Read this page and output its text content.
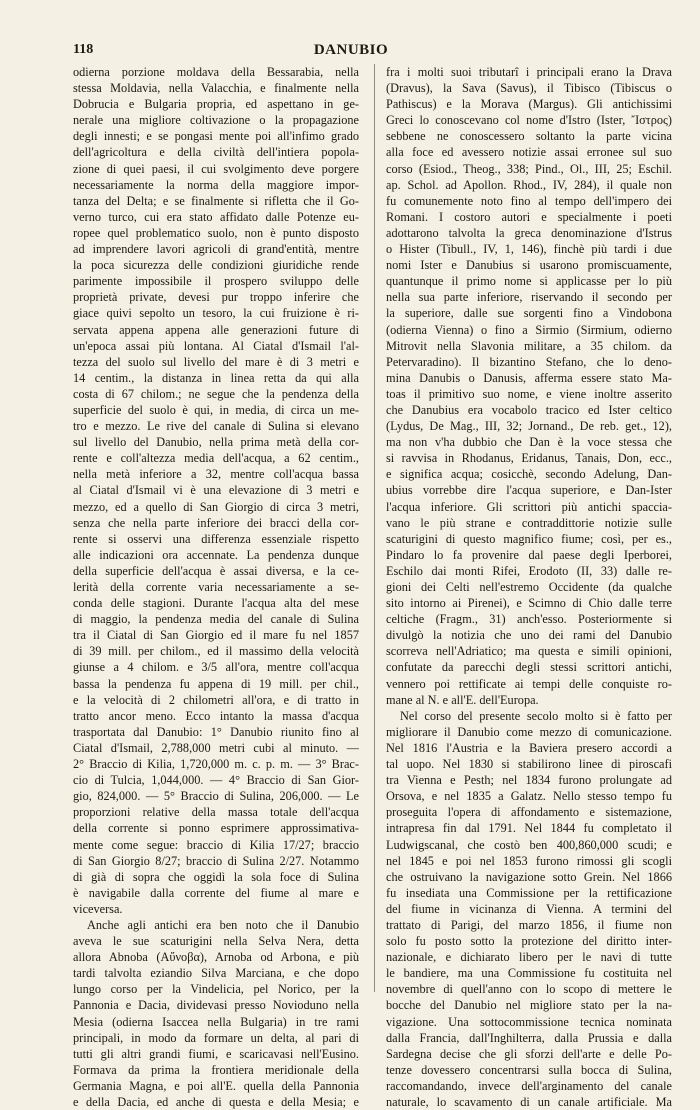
118	DANUBIO
odierna porzione moldava della Bessarabia, nella
stessa Moldavia, nella Valacchia, e finalmente nella
Dobrucia e Bulgaria propria, ed aspettano in ge-
nerale una migliore coltivazione o la propagazione
degli innesti; e se pongasi mente poi all'infimo grado
dell'agricoltura e della civiltà dell'intiera popola-
zione di quei paesi, il cui svolgimento deve porgere
necessariamente la norma della maggiore impor-
tanza del Delta; e se finalmente si rifletta che il Go-
verno turco, cui era stato affidato dalle Potenze eu-
ropee quel problematico suolo, non è punto disposto
ad imprendere lavori agricoli di grand'entità, mentre
la poca sicurezza delle condizioni giuridiche rende
parimente impossibile il prospero sviluppo delle
proprietà private, devesi pur troppo inferire che
giace quivi sepolto un tesoro, la cui fruizione è ri-
servata appena appena alle generazioni future di
un'epoca assai più lontana. Al Ciatal d'Ismail l'al-
tezza del suolo sul livello del mare è di 3 metri e
14 centim., la distanza in linea retta da qui alla
costa di 67 chilom.; ne segue che la pendenza della
superficie del suolo è qui, in media, di circa un me-
tro e mezzo. Le rive del canale di Sulina si elevano
sul livello del Danubio, nella prima metà della cor-
rente e coll'altezza media dell'acqua, a 62 centim.,
nella metà inferiore a 32, mentre coll'acqua bassa
al Ciatal d'Ismail vi è una elevazione di 3 metri e
mezzo, ed a quello di San Giorgio di circa 3 metri,
senza che nella parte inferiore dei bracci della cor-
rente si osservi una differenza essenziale rispetto
alle indicazioni ora accennate. La pendenza dunque
della superficie dell'acqua è assai diversa, e la ce-
lerità della corrente varia necessariamente a se-
conda delle stagioni. Durante l'acqua alta del mese
di maggio, la pendenza media del canale di Sulina
tra il Ciatal di San Giorgio ed il mare fu nel 1857
di 39 mill. per chilom., ed il massimo della velocità
giunse a 4 chilom. e 3/5 all'ora, mentre coll'acqua
bassa la pendenza fu appena di 19 mill. per chil.,
e la velocità di 2 chilometri all'ora, e di tratto in
tratto ancor meno. Ecco intanto la massa d'acqua
trasportata dal Danubio: 1° Danubio riunito fino al
Ciatal d'Ismail, 2,788,000 metri cubi al minuto. —
2° Braccio di Kilia, 1,720,000 m. c. p. m. — 3° Brac-
cio di Tulcia, 1,044,000. — 4° Braccio di San Gior-
gio, 824,000. — 5° Braccio di Sulina, 206,000. — Le
proporzioni relative della massa totale dell'acqua
della corrente si ponno esprimere approssimativa-
mente come segue: braccio di Kilia 17/27; braccio
di San Giorgio 8/27; braccio di Sulina 2/27. Notammo
di già di sopra che oggidì la sola foce di Sulina
è navigabile dalla corrente del fiume al mare e
viceversa.
Anche agli antichi era ben noto che il Danubio
aveva le sue scaturigini nella Selva Nera, detta
allora Abnoba (Αὔνοβα), Arnoba od Arbona, e più
tardi talvolta eziandio Silva Marciana, e che dopo
lungo corso per la Vindelicia, pel Norico, per la
Pannonia e Dacia, dividevasi presso Novioduno nella
Mesia (odierna Isaccea nella Bulgaria) in tre rami
principali, in modo da formare un delta, al pari di
tutti gli altri grandi fiumi, e scaricavasi nell'Eusino.
Formava da prima la frontiera meridionale della
Germania Magna, e poi all'E. quella della Pannonia
e della Dacia, ed anche di questa e della Mesia; e
fra i molti suoi tributarî i principali erano la Drava
(Dravus), la Sava (Savus), il Tibisco (Tibiscus o
Pathiscus) e la Morava (Margus). Gli antichissimi
Greci lo conoscevano col nome d'Istro (Ister, Ἴστρος)
sebbene ne conoscessero soltanto la parte vicina
alla foce ed avessero notizie assai erronee sul suo
corso (Esiod., Theog., 338; Pind., Ol., III, 25; Eschil.
ap. Schol. ad Apollon. Rhod., IV, 284), il quale non
fu comunemente noto fino al tempo dell'impero dei
Romani. I costoro autori e specialmente i poeti
adottarono talvolta la greca denominazione d'Istrus
o Hister (Tibull., IV, 1, 146), finchè più tardi i due
nomi Ister e Danubius si usarono promiscuamente,
quantunque il primo nome si applicasse per lo più
nella sua parte inferiore, riservando il secondo per
la superiore, dalle sue sorgenti fino a Vindobona
(odierna Vienna) o fino a Sirmio (Sirmium, odierno
Mitrovit nella Slavonia militare, a 35 chilom. da
Petervaradino). Il bizantino Stefano, che lo deno-
mina Danubis o Danusis, afferma essere stato Ma-
toas il primitivo suo nome, e viene inoltre asserito
che Danubius era vocabolo tracico ed Ister celtico
(Lydus, De Mag., III, 32; Jornand., De reb. get., 12),
ma non v'ha dubbio che Dan è la voce stessa che
si ravvisa in Rhodanus, Eridanus, Tanais, Don, ecc.,
e significa acqua; cosicchè, secondo Adelung, Dan-
ubius vorrebbe dire l'acqua superiore, e Dan-Ister
l'acqua inferiore. Gli scrittori più antichi spaccia-
vano le più strane e contraddittorie notizie sulle
scaturigini di questo magnifico fiume; così, per es.,
Pindaro lo fa provenire dal paese degli Iperborei,
Eschilo dai monti Rifei, Erodoto (II, 33) dalle re-
gioni dei Celti nell'estremo Occidente (da qualche
sito intorno ai Pirenei), e Scimno di Chio dalle terre
celtiche (Fragm., 31) anch'esso. Posteriormente si
divulgò la notizia che uno dei rami del Danubio
scorreva nell'Adriatico; ma questa e simili opinioni,
confutate da parecchi degli stessi scrittori antichi,
vennero poi rettificate ai tempi delle conquiste ro-
mane al N. e all'E. dell'Europa.
Nel corso del presente secolo molto si è fatto per
migliorare il Danubio come mezzo di comunicazione.
Nel 1816 l'Austria e la Baviera presero accordi a
tal uopo. Nel 1830 si stabilirono linee di piroscafi
tra Vienna e Pesth; nel 1834 furono prolungate ad
Orsova, e nel 1835 a Galatz. Nello stesso tempo fu
proseguita l'opera di affondamento e sistemazione,
intrapresa fin dal 1791. Nel 1844 fu completato il
Ludwigscanal, che costò ben 400,860,000 scudi; e
nel 1845 e poi nel 1853 furono rimossi gli scogli
che ostruivano la navigazione sotto Grein. Nel 1866
fu insediata una Commissione per la rettificazione
del fiume in vicinanza di Vienna. A termini del
trattato di Parigi, del marzo 1856, il fiume non
solo fu posto sotto la protezione del diritto inter-
nazionale, e dichiarato libero per le navi di tutte
le bandiere, ma una Commissione fu costituita nel
novembre di quell'anno con lo scopo di mettere le
bocche del Danubio nel migliore stato per la na-
vigazione. Una sottocommissione tecnica nominata
dalla Francia, dall'Inghilterra, dalla Prussia e dalla
Sardegna decise che gli sforzi dell'arte e delle Po-
tenze dovessero concentrarsi sulla bocca di Sulina,
raccomandando, invece dell'arginamento del canale
naturale, lo scavamento di un canale artificiale. Ma
